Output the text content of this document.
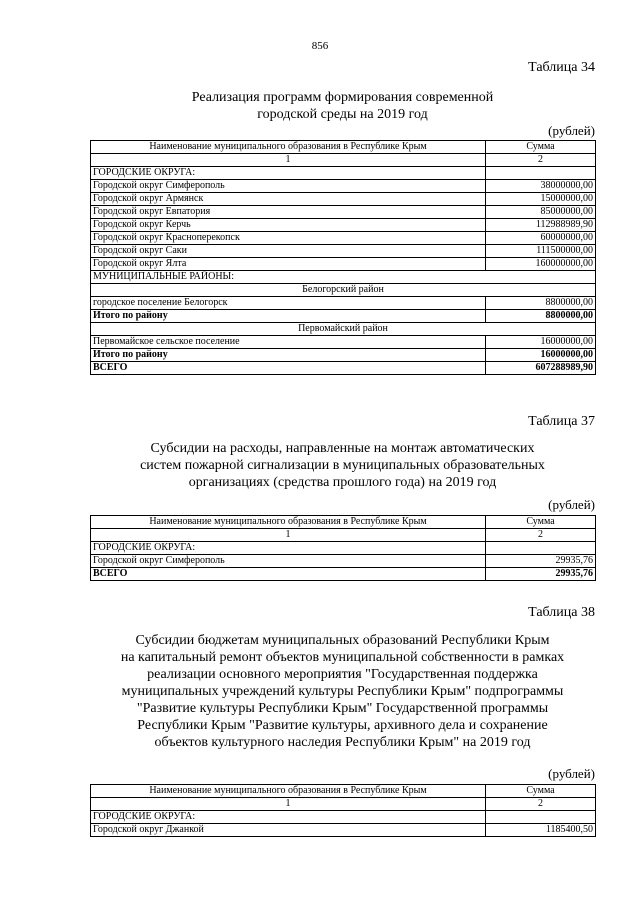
856
Таблица 34
Реализация программ формирования современной
городской среды на 2019 год
(рублей)
Наименование муниципального образования в Республике Крым	Сумма
1	2
ГОРОДСКИЕ ОКРУГА:	
Городской округ Симферополь	38000000,00
Городской округ Армянск	15000000,00
Городской округ Евпатория	85000000,00
Городской округ Керчь	112988989,90
Городской округ Красноперекопск	60000000,00
Городской округ Саки	111500000,00
Городской округ Ялта	160000000,00
МУНИЦИПАЛЬНЫЕ РАЙОНЫ:	
Белогорский район	
городское поселение Белогорск	8800000,00
Итого по району	8800000,00
Первомайский район	
Первомайское сельское поселение	16000000,00
Итого по району	16000000,00
ВСЕГО	607288989,90
Таблица 37
Субсидии на расходы, направленные на монтаж автоматических
систем пожарной сигнализации в муниципальных образовательных
организациях (средства прошлого года) на 2019 год
(рублей)
Наименование муниципального образования в Республике Крым	Сумма
1	2
ГОРОДСКИЕ ОКРУГА:	
Городской округ Симферополь	29935,76
ВСЕГО	29935,76
Таблица 38
Субсидии бюджетам муниципальных образований Республики Крым
на капитальный ремонт объектов муниципальной собственности в рамках
реализации основного мероприятия "Государственная поддержка
муниципальных учреждений культуры Республики Крым" подпрограммы
"Развитие культуры Республики Крым" Государственной программы
Республики Крым "Развитие культуры, архивного дела и сохранение
объектов культурного наследия Республики Крым" на 2019 год
(рублей)
Наименование муниципального образования в Республике Крым	Сумма
1	2
ГОРОДСКИЕ ОКРУГА:	
Городской округ Джанкой	1185400,50
